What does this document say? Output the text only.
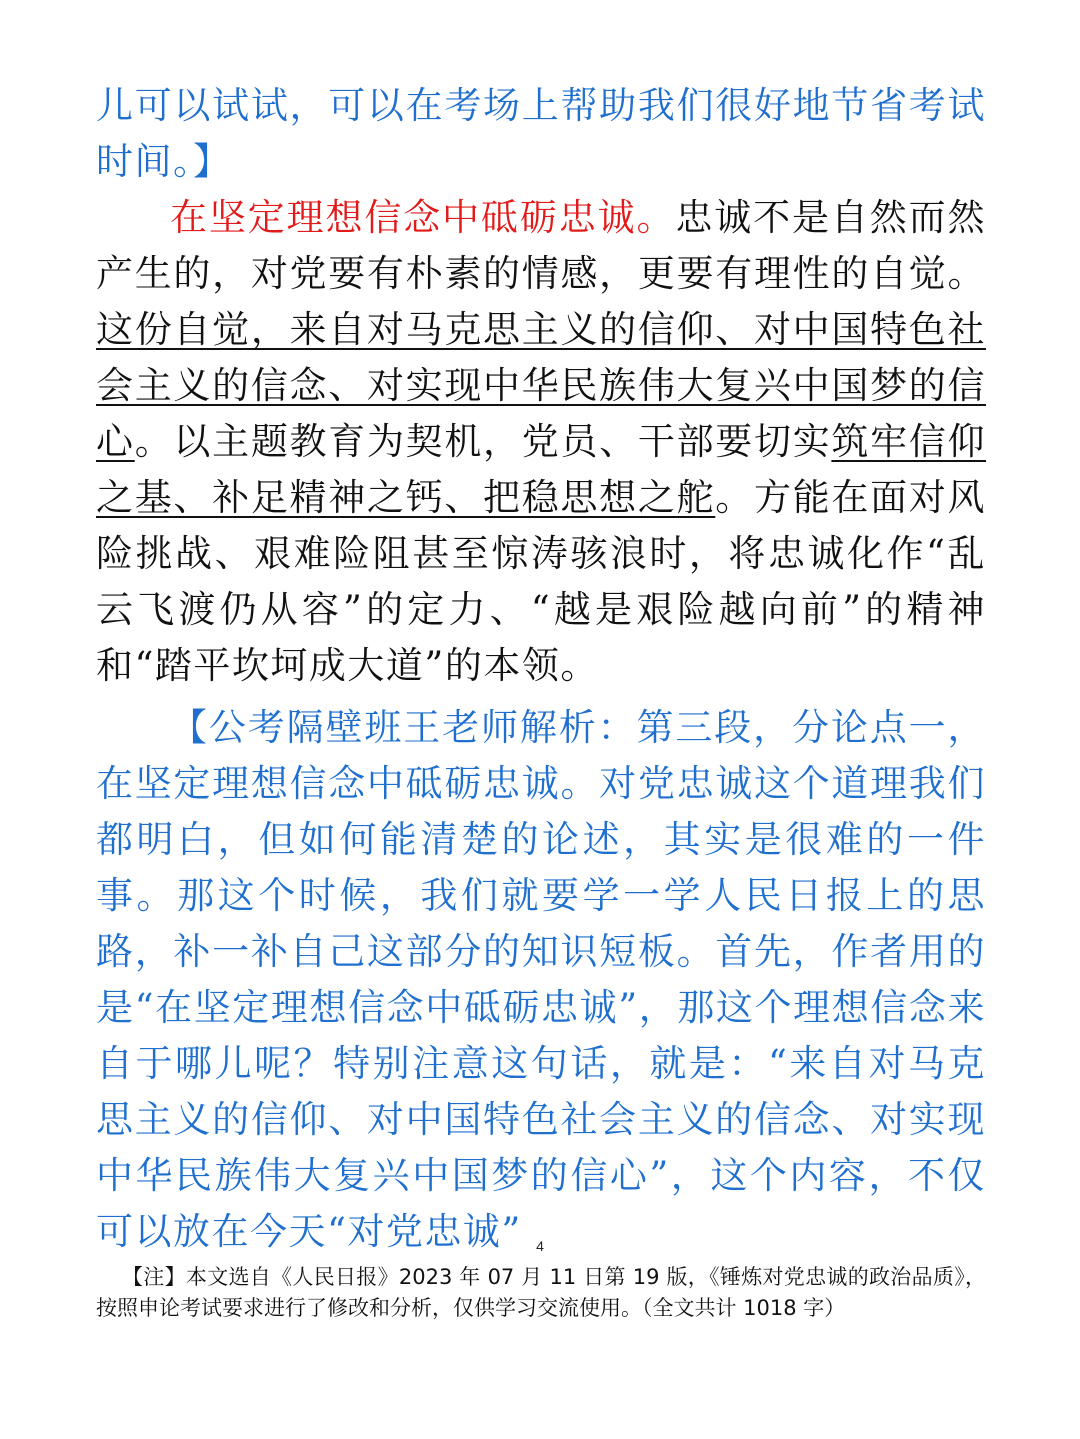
儿可以试试，可以在考场上帮助我们很好地节省考试时间。】

在坚定理想信念中砥砺忠诚。忠诚不是自然而然产生的，对党要有朴素的情感，更要有理性的自觉。这份自觉，来自对马克思主义的信仰、对中国特色社会主义的信念、对实现中华民族伟大复兴中国梦的信心。以主题教育为契机，党员、干部要切实筑牢信仰之基、补足精神之钙、把稳思想之舵。方能在面对风险挑战、艰难险阻甚至惊涛骇浪时，将忠诚化作“乱云飞渡仍从容”的定力、“越是艰险越向前”的精神和“踏平坎坷成大道”的本领。

【公考隔壁班王老师解析：第三段，分论点一，在坚定理想信念中砥砺忠诚。对党忠诚这个道理我们都明白，但如何能清楚的论述，其实是很难的一件事。那这个时候，我们就要学一学人民日报上的思路，补一补自己这部分的知识短板。首先，作者用的是“在坚定理想信念中砥砺忠诚”，那这个理想信念来自于哪儿呢？特别注意这句话，就是：“来自对马克思主义的信仰、对中国特色社会主义的信念、对实现中华民族伟大复兴中国梦的信心”，这个内容，不仅可以放在今天“对党忠诚”	4

【注】本文选自《人民日报》2023 年 07 月 11 日第 19 版，《锤炼对党忠诚的政治品质》，按照申论考试要求进行了修改和分析，仅供学习交流使用。（全文共计 1018 字）
